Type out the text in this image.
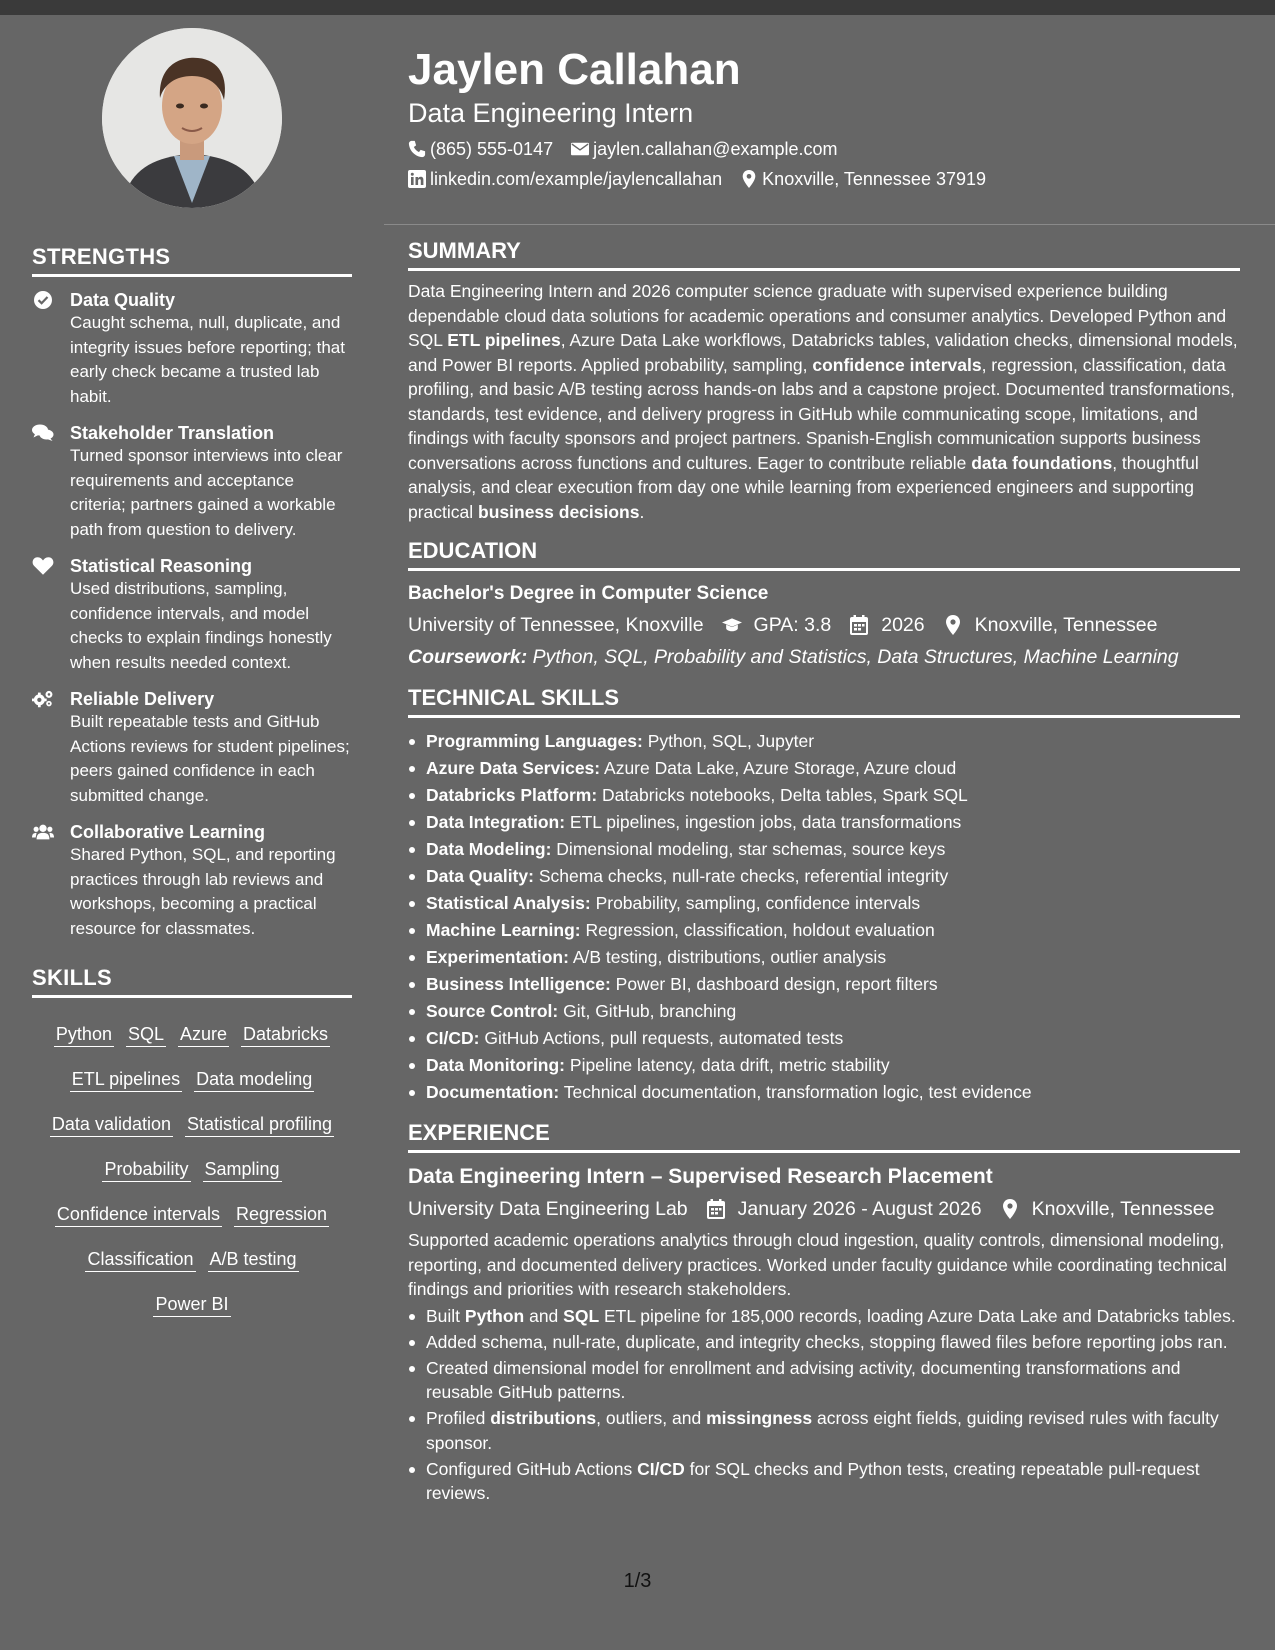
STRENGTHS
Data Quality
Caught schema, null, duplicate, and integrity issues before reporting; that early check became a trusted lab habit.
Stakeholder Translation
Turned sponsor interviews into clear requirements and acceptance criteria; partners gained a workable path from question to delivery.
Statistical Reasoning
Used distributions, sampling, confidence intervals, and model checks to explain findings honestly when results needed context.
Reliable Delivery
Built repeatable tests and GitHub Actions reviews for student pipelines; peers gained confidence in each submitted change.
Collaborative Learning
Shared Python, SQL, and reporting practices through lab reviews and workshops, becoming a practical resource for classmates.
SKILLS
Python SQL Azure Databricks
ETL pipelines Data modeling
Data validation Statistical profiling
Probability Sampling
Confidence intervals Regression
Classification A/B testing
Power BI
Jaylen Callahan
Data Engineering Intern
(865) 555-0147 jaylen.callahan@example.com
linkedin.com/example/jaylencallahan Knoxville, Tennessee 37919
SUMMARY
Data Engineering Intern and 2026 computer science graduate with supervised experience building dependable cloud data solutions for academic operations and consumer analytics. Developed Python and SQL ETL pipelines, Azure Data Lake workflows, Databricks tables, validation checks, dimensional models, and Power BI reports. Applied probability, sampling, confidence intervals, regression, classification, data profiling, and basic A/B testing across hands-on labs and a capstone project. Documented transformations, standards, test evidence, and delivery progress in GitHub while communicating scope, limitations, and findings with faculty sponsors and project partners. Spanish-English communication supports business conversations across functions and cultures. Eager to contribute reliable data foundations, thoughtful analysis, and clear execution from day one while learning from experienced engineers and supporting practical business decisions.
EDUCATION
Bachelor's Degree in Computer Science
University of Tennessee, Knoxville	GPA: 3.8	2026	Knoxville, Tennessee
Coursework: Python, SQL, Probability and Statistics, Data Structures, Machine Learning
TECHNICAL SKILLS
Programming Languages: Python, SQL, Jupyter
Azure Data Services: Azure Data Lake, Azure Storage, Azure cloud
Databricks Platform: Databricks notebooks, Delta tables, Spark SQL
Data Integration: ETL pipelines, ingestion jobs, data transformations
Data Modeling: Dimensional modeling, star schemas, source keys
Data Quality: Schema checks, null-rate checks, referential integrity
Statistical Analysis: Probability, sampling, confidence intervals
Machine Learning: Regression, classification, holdout evaluation
Experimentation: A/B testing, distributions, outlier analysis
Business Intelligence: Power BI, dashboard design, report filters
Source Control: Git, GitHub, branching
CI/CD: GitHub Actions, pull requests, automated tests
Data Monitoring: Pipeline latency, data drift, metric stability
Documentation: Technical documentation, transformation logic, test evidence
EXPERIENCE
Data Engineering Intern – Supervised Research Placement
University Data Engineering Lab	January 2026 - August 2026	Knoxville, Tennessee
Supported academic operations analytics through cloud ingestion, quality controls, dimensional modeling, reporting, and documented delivery practices. Worked under faculty guidance while coordinating technical findings and priorities with research stakeholders.
Built Python and SQL ETL pipeline for 185,000 records, loading Azure Data Lake and Databricks tables.
Added schema, null-rate, duplicate, and integrity checks, stopping flawed files before reporting jobs ran.
Created dimensional model for enrollment and advising activity, documenting transformations and reusable GitHub patterns.
Profiled distributions, outliers, and missingness across eight fields, guiding revised rules with faculty sponsor.
Configured GitHub Actions CI/CD for SQL checks and Python tests, creating repeatable pull-request reviews.
1/3
